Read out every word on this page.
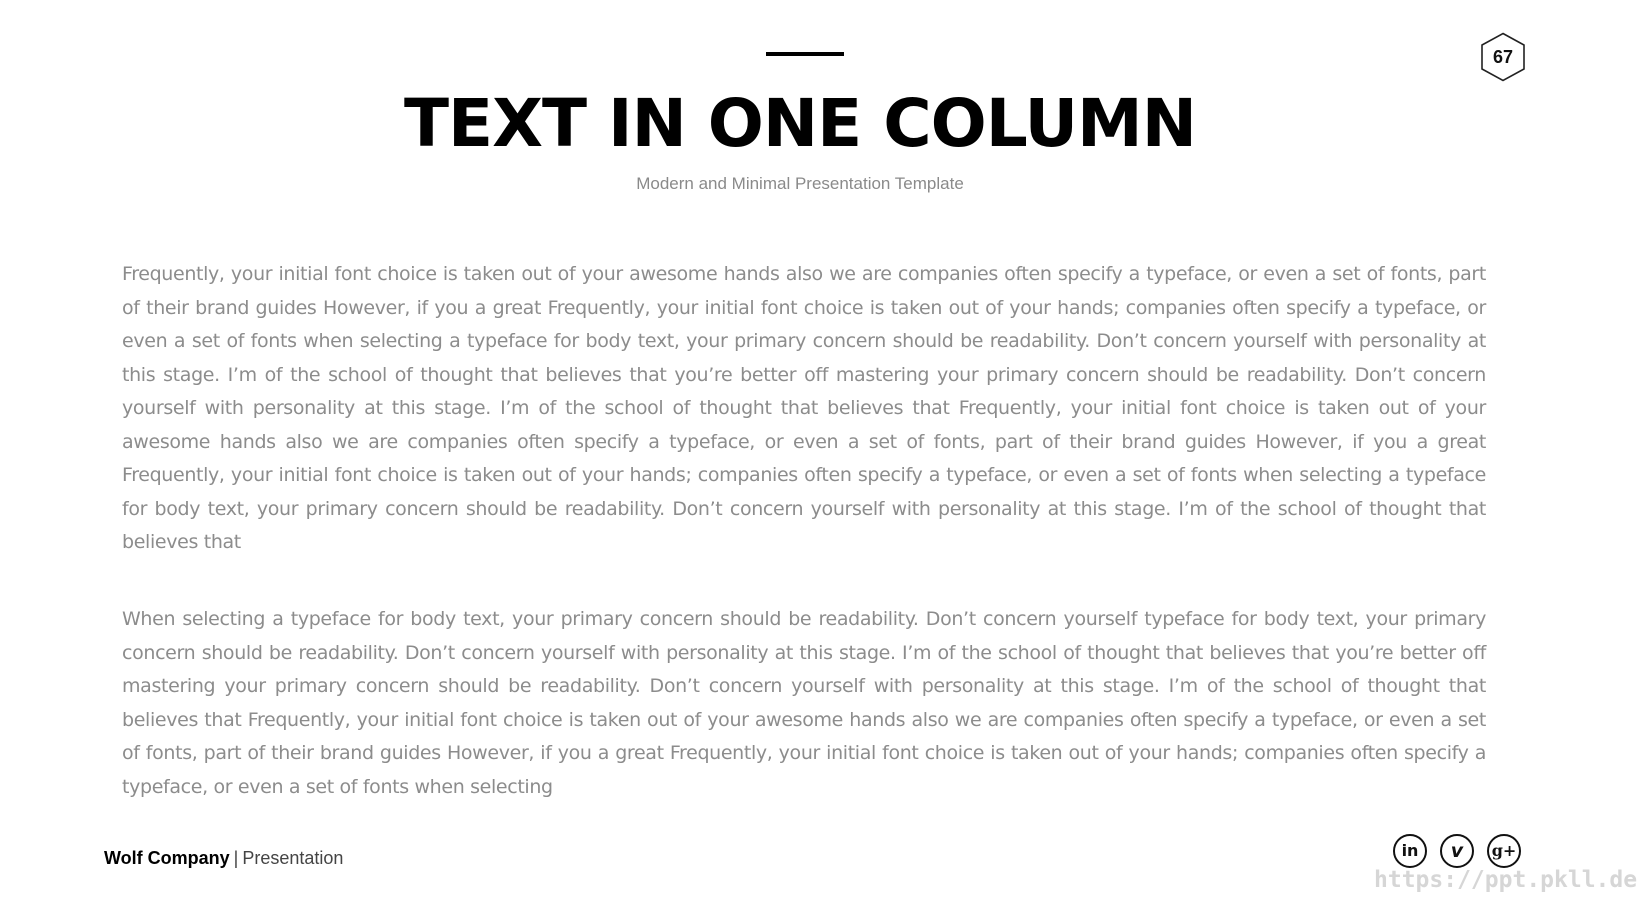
TEXT IN ONE COLUMN
Modern and Minimal Presentation Template
67

Frequently, your initial font choice is taken out of your awesome hands also we are companies often specify a typeface, or even a set of fonts, part of their brand guides However, if you a great Frequently, your initial font choice is taken out of your hands; companies often specify a typeface, or even a set of fonts when selecting a typeface for body text, your primary concern should be readability. Don’t concern yourself with personality at this stage. I’m of the school of thought that believes that you’re better off mastering your primary concern should be readability. Don’t concern yourself with personality at this stage. I’m of the school of thought that believes that Frequently, your initial font choice is taken out of your awesome hands also we are companies often specify a typeface, or even a set of fonts, part of their brand guides However, if you a great Frequently, your initial font choice is taken out of your hands; companies often specify a typeface, or even a set of fonts when selecting a typeface for body text, your primary concern should be readability. Don’t concern yourself with personality at this stage. I’m of the school of thought that believes that

When selecting a typeface for body text, your primary concern should be readability. Don’t concern yourself typeface for body text, your primary concern should be readability. Don’t concern yourself with personality at this stage. I’m of the school of thought that believes that you’re better off mastering your primary concern should be readability. Don’t concern yourself with personality at this stage. I’m of the school of thought that believes that Frequently, your initial font choice is taken out of your awesome hands also we are companies often specify a typeface, or even a set of fonts, part of their brand guides However, if you a great Frequently, your initial font choice is taken out of your hands; companies often specify a typeface, or even a set of fonts when selecting

Wolf Company | Presentation	in	v	g+
https://ppt.pkll.de
